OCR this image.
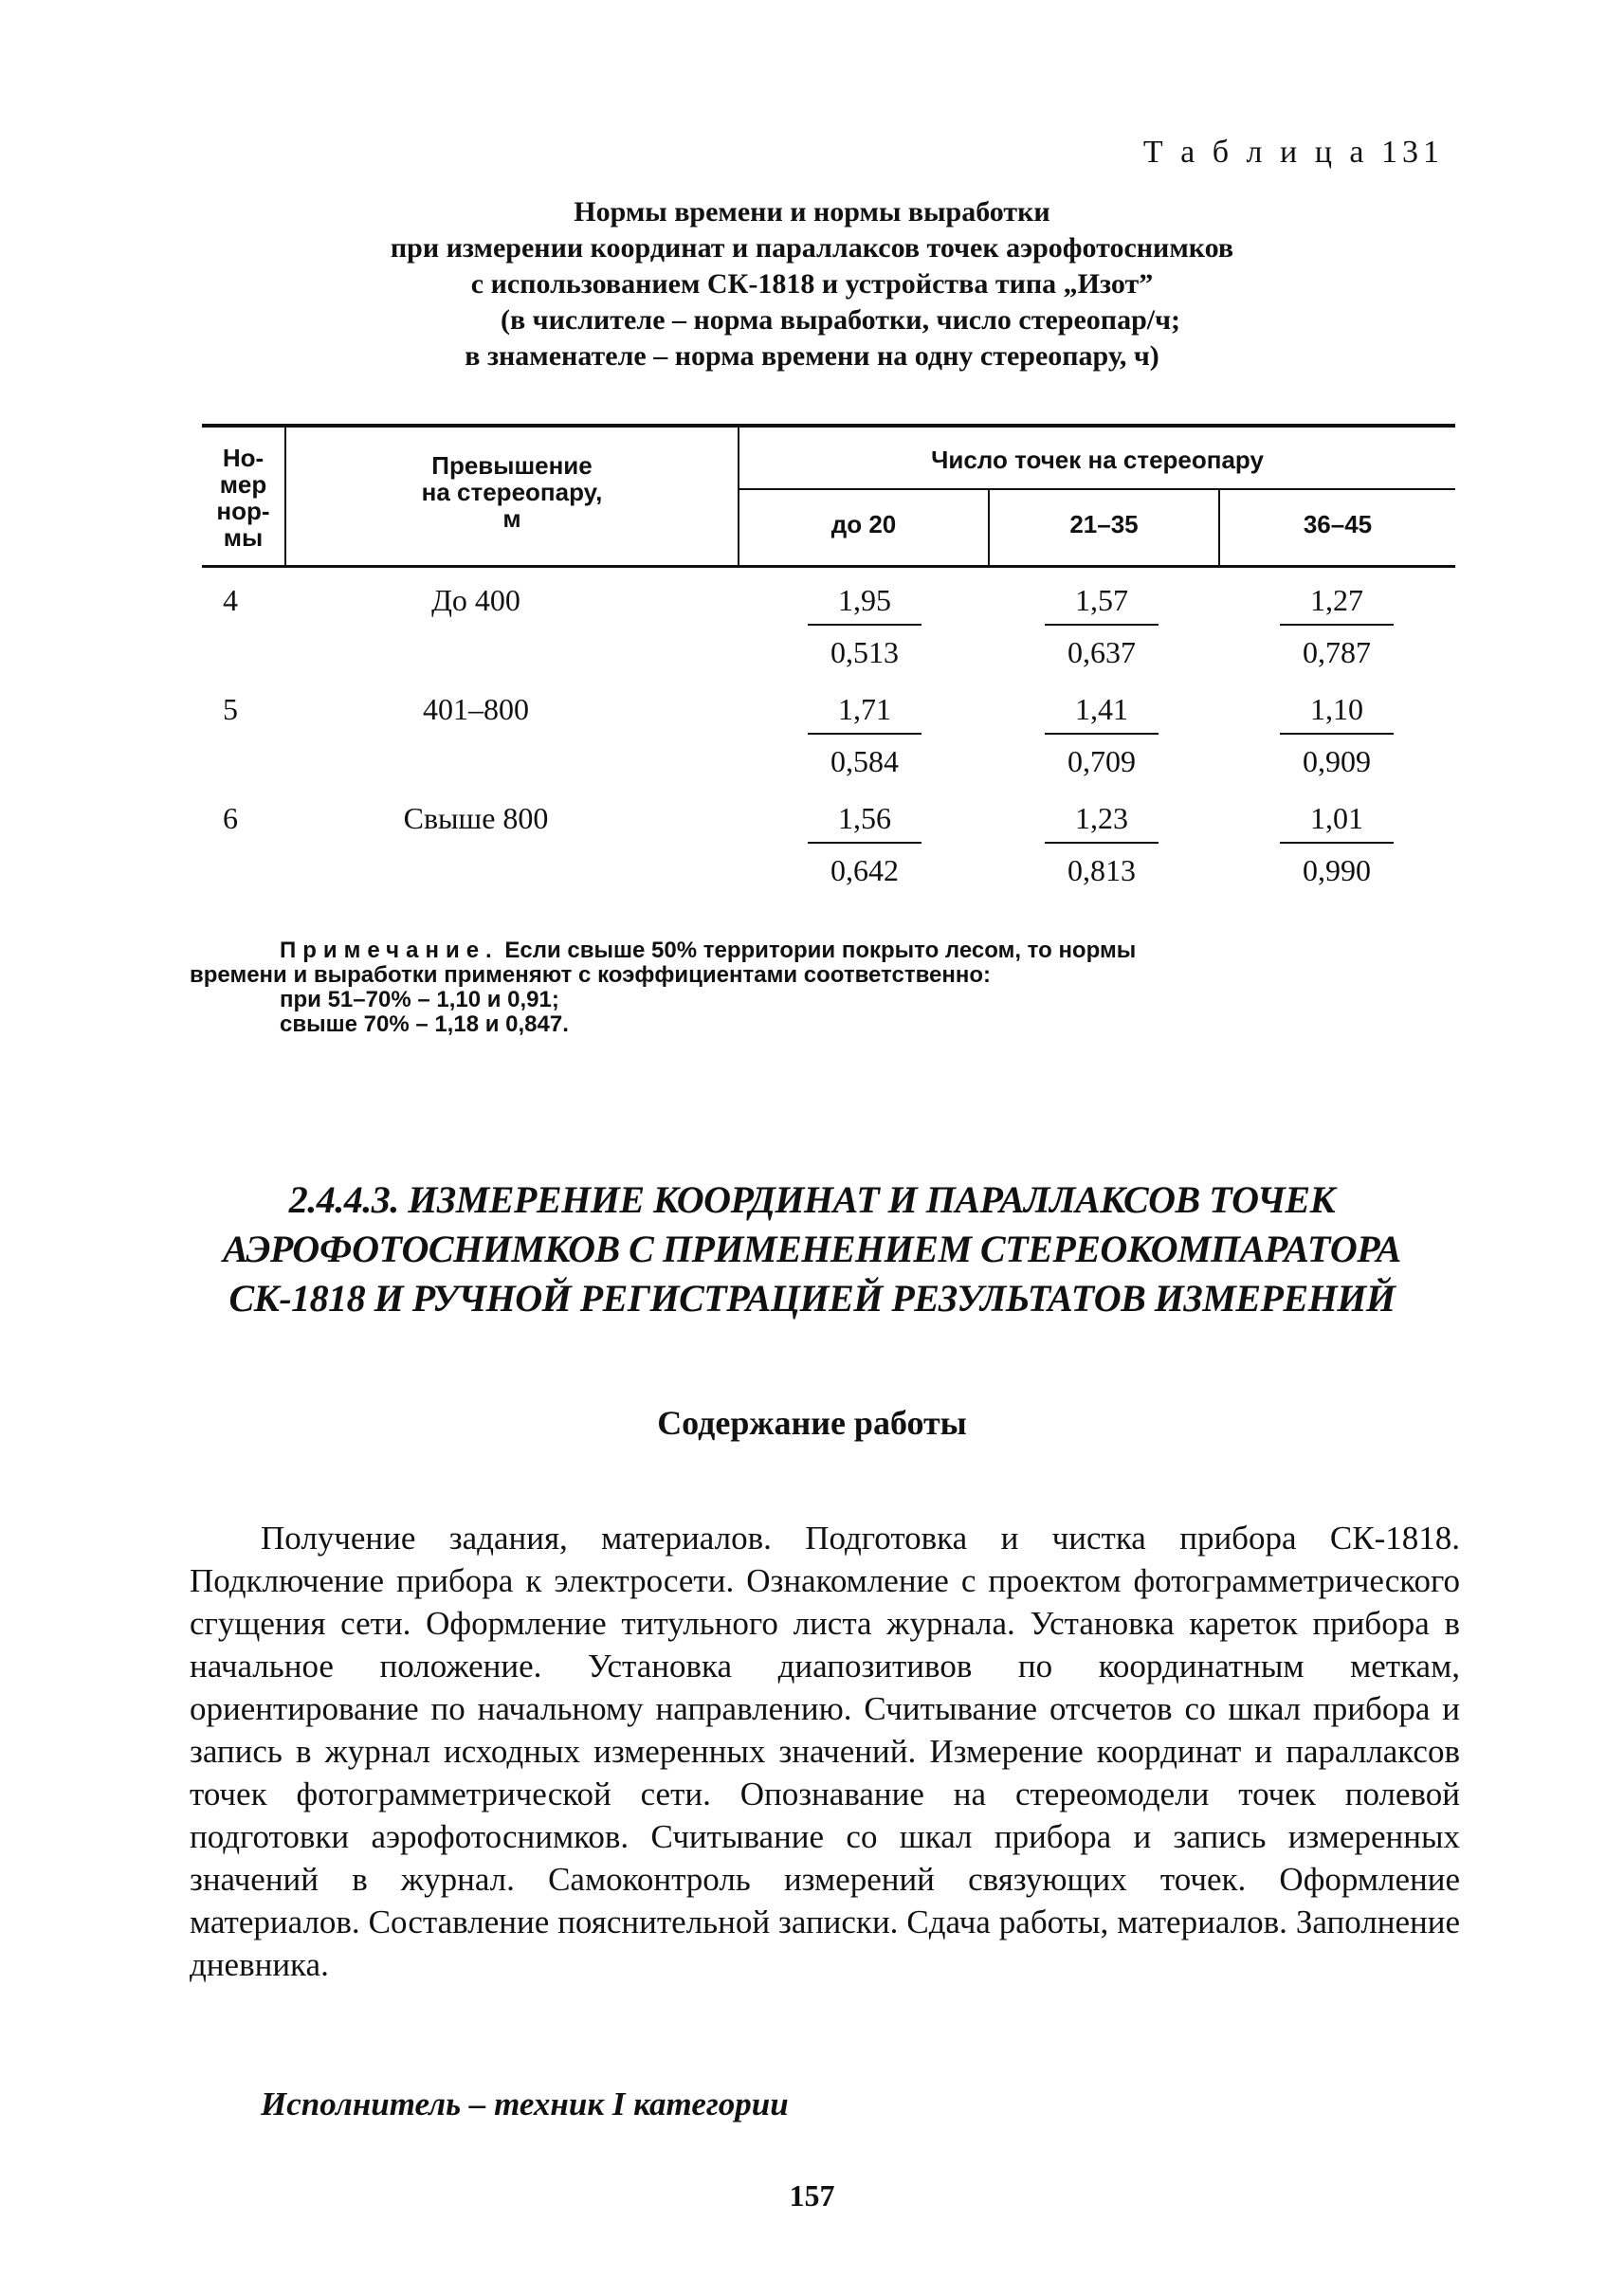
Т а б л и ц а 131
Нормы времени и нормы выработки
при измерении координат и параллаксов точек аэрофотоснимков
с использованием СК-1818 и устройства типа „Изот”
(в числителе – норма выработки, число стереопар/ч;
в знаменателе – норма времени на одну стереопару, ч)
Но-
мер
нор-
мы
Превышение
на стереопару,
м
Число точек на стереопару
до 20	21–35	36–45
4	До 400	$\frac{1,95}{0,513}$	$\frac{1,57}{0,637}$	$\frac{1,27}{0,787}$
5	401–800	$\frac{1,71}{0,584}$	$\frac{1,41}{0,709}$	$\frac{1,10}{0,909}$
6	Свыше 800	$\frac{1,56}{0,642}$	$\frac{1,23}{0,813}$	$\frac{1,01}{0,990}$
Примечание. Если свыше 50% территории покрыто лесом, то нормы
времени и выработки применяют с коэффициентами соответственно:
при 51–70% – 1,10 и 0,91;
свыше 70% – 1,18 и 0,847.
2.4.4.3. ИЗМЕРЕНИЕ КООРДИНАТ И ПАРАЛЛАКСОВ ТОЧЕК
АЭРОФОТОСНИМКОВ С ПРИМЕНЕНИЕМ СТЕРЕОКОМПАРАТОРА
СК-1818 И РУЧНОЙ РЕГИСТРАЦИЕЙ РЕЗУЛЬТАТОВ ИЗМЕРЕНИЙ
Содержание работы
Получение задания, материалов. Подготовка и чистка прибора СК-1818. Подключение прибора к электросети. Ознакомление с проектом фотограмметрического сгущения сети. Оформление титульного листа журнала. Установка кареток прибора в начальное положение. Установка диапозитивов по координатным меткам, ориентирование по начальному направлению. Считывание отсчетов со шкал прибора и запись в журнал исходных измеренных значений. Измерение координат и параллаксов точек фотограмметрической сети. Опознавание на стереомодели точек полевой подготовки аэрофотоснимков. Считывание со шкал прибора и запись измеренных значений в журнал. Самоконтроль измерений связующих точек. Оформление материалов. Составление пояснительной записки. Сдача работы, материалов. Заполнение дневника.
Исполнитель – техник I категории
157
